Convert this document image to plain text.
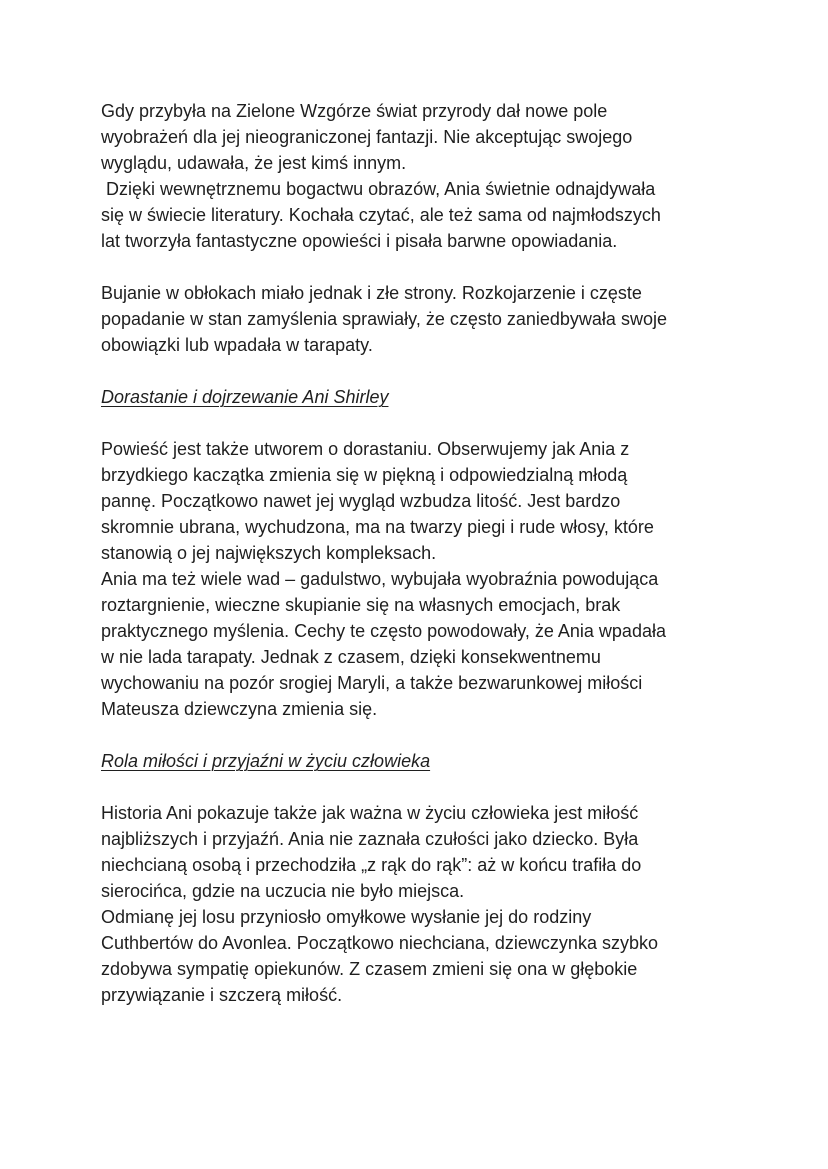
Gdy przybyła na Zielone Wzgórze świat przyrody dał nowe pole
wyobrażeń dla jej nieograniczonej fantazji. Nie akceptując swojego
wyglądu, udawała, że jest kimś innym.
Dzięki wewnętrznemu bogactwu obrazów, Ania świetnie odnajdywała
się w świecie literatury. Kochała czytać, ale też sama od najmłodszych
lat tworzyła fantastyczne opowieści i pisała barwne opowiadania.
Bujanie w obłokach miało jednak i złe strony. Rozkojarzenie i częste
popadanie w stan zamyślenia sprawiały, że często zaniedbywała swoje
obowiązki lub wpadała w tarapaty.
Dorastanie i dojrzewanie Ani Shirley
Powieść jest także utworem o dorastaniu. Obserwujemy jak Ania z
brzydkiego kaczątka zmienia się w piękną i odpowiedzialną młodą
pannę. Początkowo nawet jej wygląd wzbudza litość. Jest bardzo
skromnie ubrana, wychudzona, ma na twarzy piegi i rude włosy, które
stanowią o jej największych kompleksach.
Ania ma też wiele wad – gadulstwo, wybujała wyobraźnia powodująca
roztargnienie, wieczne skupianie się na własnych emocjach, brak
praktycznego myślenia. Cechy te często powodowały, że Ania wpadała
w nie lada tarapaty. Jednak z czasem, dzięki konsekwentnemu
wychowaniu na pozór srogiej Maryli, a także bezwarunkowej miłości
Mateusza dziewczyna zmienia się.
Rola miłości i przyjaźni w życiu człowieka
Historia Ani pokazuje także jak ważna w życiu człowieka jest miłość
najbliższych i przyjaźń. Ania nie zaznała czułości jako dziecko. Była
niechcianą osobą i przechodziła „z rąk do rąk”: aż w końcu trafiła do
sierocińca, gdzie na uczucia nie było miejsca.
Odmianę jej losu przyniosło omyłkowe wysłanie jej do rodziny
Cuthbertów do Avonlea. Początkowo niechciana, dziewczynka szybko
zdobywa sympatię opiekunów. Z czasem zmieni się ona w głębokie
przywiązanie i szczerą miłość.
